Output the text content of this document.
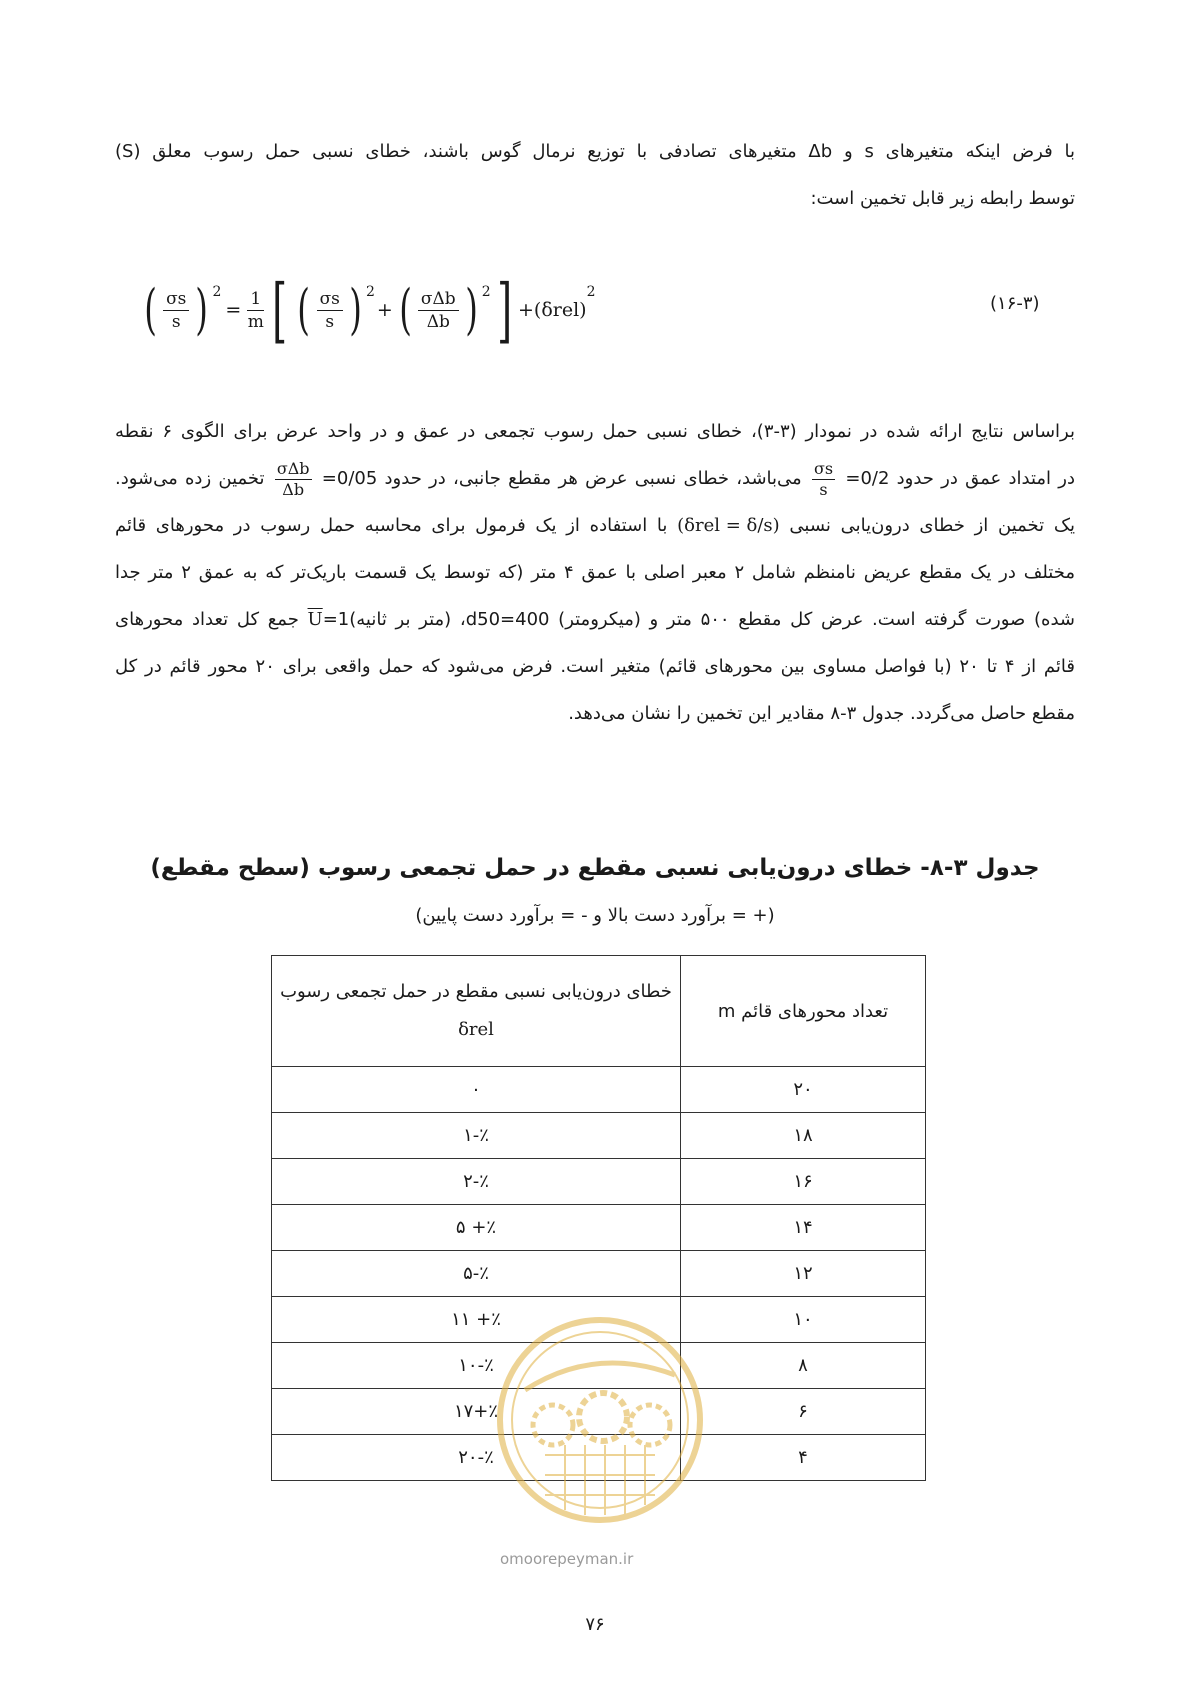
با فرض اینکه متغیرهای s و Δb متغیرهای تصادفی با توزیع نرمال گوس باشند، خطای نسبی حمل رسوب معلق (S)
توسط رابطه زیر قابل تخمین است:

( σs
s ) $^2$
= $\frac{1}{m}$ [ ( σs
s ) $^2$
+ ( σΔb
Δb ) $^2$ ] +(δrel)
$^2$
(۱۶-۳)
براساس نتایج ارائه شده در نمودار (۳-۳)، خطای نسبی حمل رسوب تجمعی در عمق و در واحد عرض برای الگوی ۶ نقطه
در امتداد عمق در حدود 0/2=
$\frac{\sigma s}{s}$
می‌باشد، خطای نسبی عرض هر مقطع جانبی، در حدود 0/05=
$\frac{\text{σΔb}}{\Delta b}$
تخمین زده می‌شود.
یک تخمین از خطای درون‌یابی نسبی (δrel = δ/s) با استفاده از یک فرمول برای محاسبه حمل رسوب در محورهای قائم
مختلف در یک مقطع عریض نامنظم شامل ۲ معبر اصلی با عمق ۴ متر (که توسط یک قسمت باریک‌تر که به عمق ۲ متر جدا
شده) صورت گرفته است. عرض کل مقطع ۵۰۰ متر و (میکرومتر) 400=d50، (متر بر $ثانیه)1=\overline{U}$ جمع کل تعداد محورهای
قائم از ۴ تا ۲۰ (با فواصل مساوی بین محورهای قائم) متغیر است. فرض می‌شود که حمل واقعی برای ۲۰ محور قائم در کل
مقطع حاصل می‌گردد. جدول ۳-۸ مقادیر این تخمین را نشان می‌دهد.
جدول ۳-۸- خطای درون‌یابی نسبی مقطع در حمل تجمعی رسوب (سطح مقطع)
(+ = برآورد دست بالا و - = برآورد دست پایین)
تعداد محورهای قائم m	خطای درون‌یابی نسبی مقطع در حمل تجمعی رسوب
δrel
۲۰	۰
۱۸	٪-۱
۱۶	٪-۲
۱۴	٪+ ۵
۱۲	٪-۵
۱۰	٪+ ۱۱
۸	٪-۱۰
۶	٪+۱۷
۴	٪-۲۰
omoorepeyman.ir
۷۶
